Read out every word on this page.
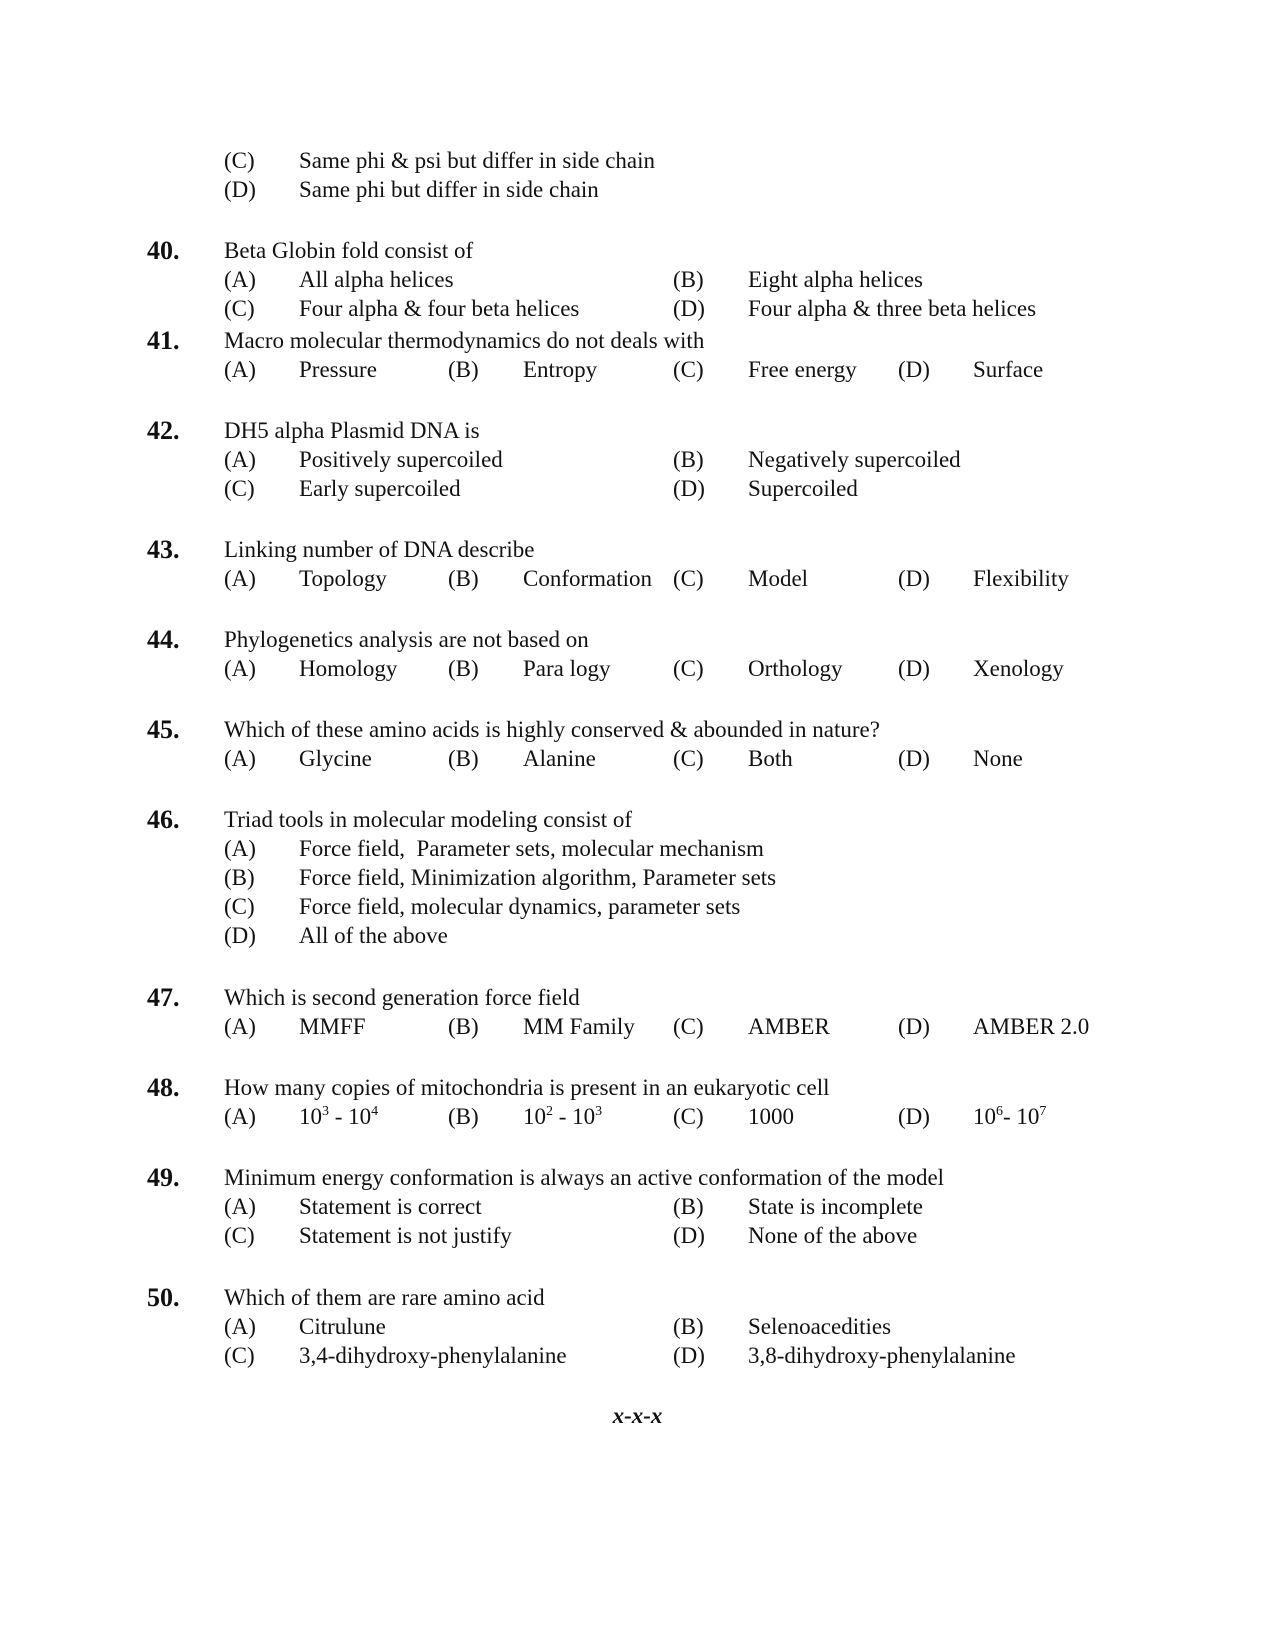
(C) Same phi & psi but differ in side chain
(D) Same phi but differ in side chain
40. Beta Globin fold consist of
(A) All alpha helices	(B) Eight alpha helices
(C) Four alpha & four beta helices	(D) Four alpha & three beta helices
41. Macro molecular thermodynamics do not deals with
(A) Pressure	(B) Entropy	(C) Free energy (D) Surface
42. DH5 alpha Plasmid DNA is
(A) Positively supercoiled	(B) Negatively supercoiled
(C) Early supercoiled	(D) Supercoiled
43. Linking number of DNA describe
(A) Topology	(B) Conformation (C) Model	(D) Flexibility
44. Phylogenetics analysis are not based on
(A) Homology (B) Para logy	(C) Orthology (D) Xenology
45. Which of these amino acids is highly conserved & abounded in nature?
(A) Glycine	(B) Alanine	(C) Both	(D) None
46. Triad tools in molecular modeling consist of
(A) Force field,  Parameter sets, molecular mechanism
(B) Force field, Minimization algorithm, Parameter sets
(C) Force field, molecular dynamics, parameter sets
(D) All of the above
47. Which is second generation force field
(A) MMFF	(B) MM Family (C) AMBER	(D) AMBER 2.0
48. How many copies of mitochondria is present in an eukaryotic cell
(A) $10^3 - 10^4$	(B) $10^2 - 10^3$	(C) 1000	(D) $10^6-$ $10^7$
49. Minimum energy conformation is always an active conformation of the model
(A) Statement is correct	(B) State is incomplete
(C) Statement is not justify	(D) None of the above
50. Which of them are rare amino acid
(A) Citrulune	(B) Selenoacedities
(C) 3,4-dihydroxy-phenylalanine	(D) 3,8-dihydroxy-phenylalanine
x-x-x
